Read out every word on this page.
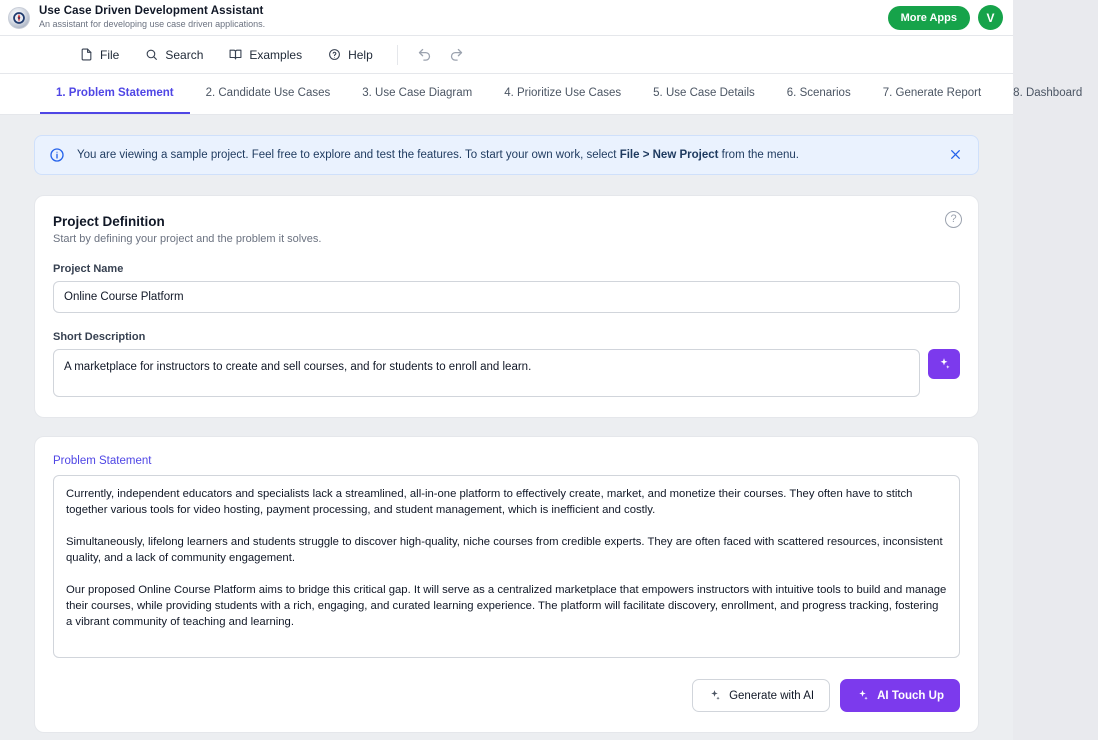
Use Case Driven Development Assistant
An assistant for developing use case driven applications.
More Apps	V
File	Search	Examples	Help
1. Problem Statement	2. Candidate Use Cases	3. Use Case Diagram	4. Prioritize Use Cases	5. Use Case Details	6. Scenarios	7. Generate Report	8. Dashboard
You are viewing a sample project. Feel free to explore and test the features. To start your own work, select File > New Project from the menu.
?
Project Definition
Start by defining your project and the problem it solves.
Project Name
Online Course Platform
Short Description
A marketplace for instructors to create and sell courses, and for students to enroll and learn.
Problem Statement
Currently, independent educators and specialists lack a streamlined, all-in-one platform to effectively create, market, and monetize their courses. They often have to stitch together various tools for video hosting, payment processing, and student management, which is inefficient and costly. Simultaneously, lifelong learners and students struggle to discover high-quality, niche courses from credible experts. They are often faced with scattered resources, inconsistent quality, and a lack of community engagement. Our proposed Online Course Platform aims to bridge this critical gap. It will serve as a centralized marketplace that empowers instructors with intuitive tools to build and manage their courses, while providing students with a rich, engaging, and curated learning experience. The platform will facilitate discovery, enrollment, and progress tracking, fostering a vibrant community of teaching and learning.
Generate with AI	AI Touch Up
